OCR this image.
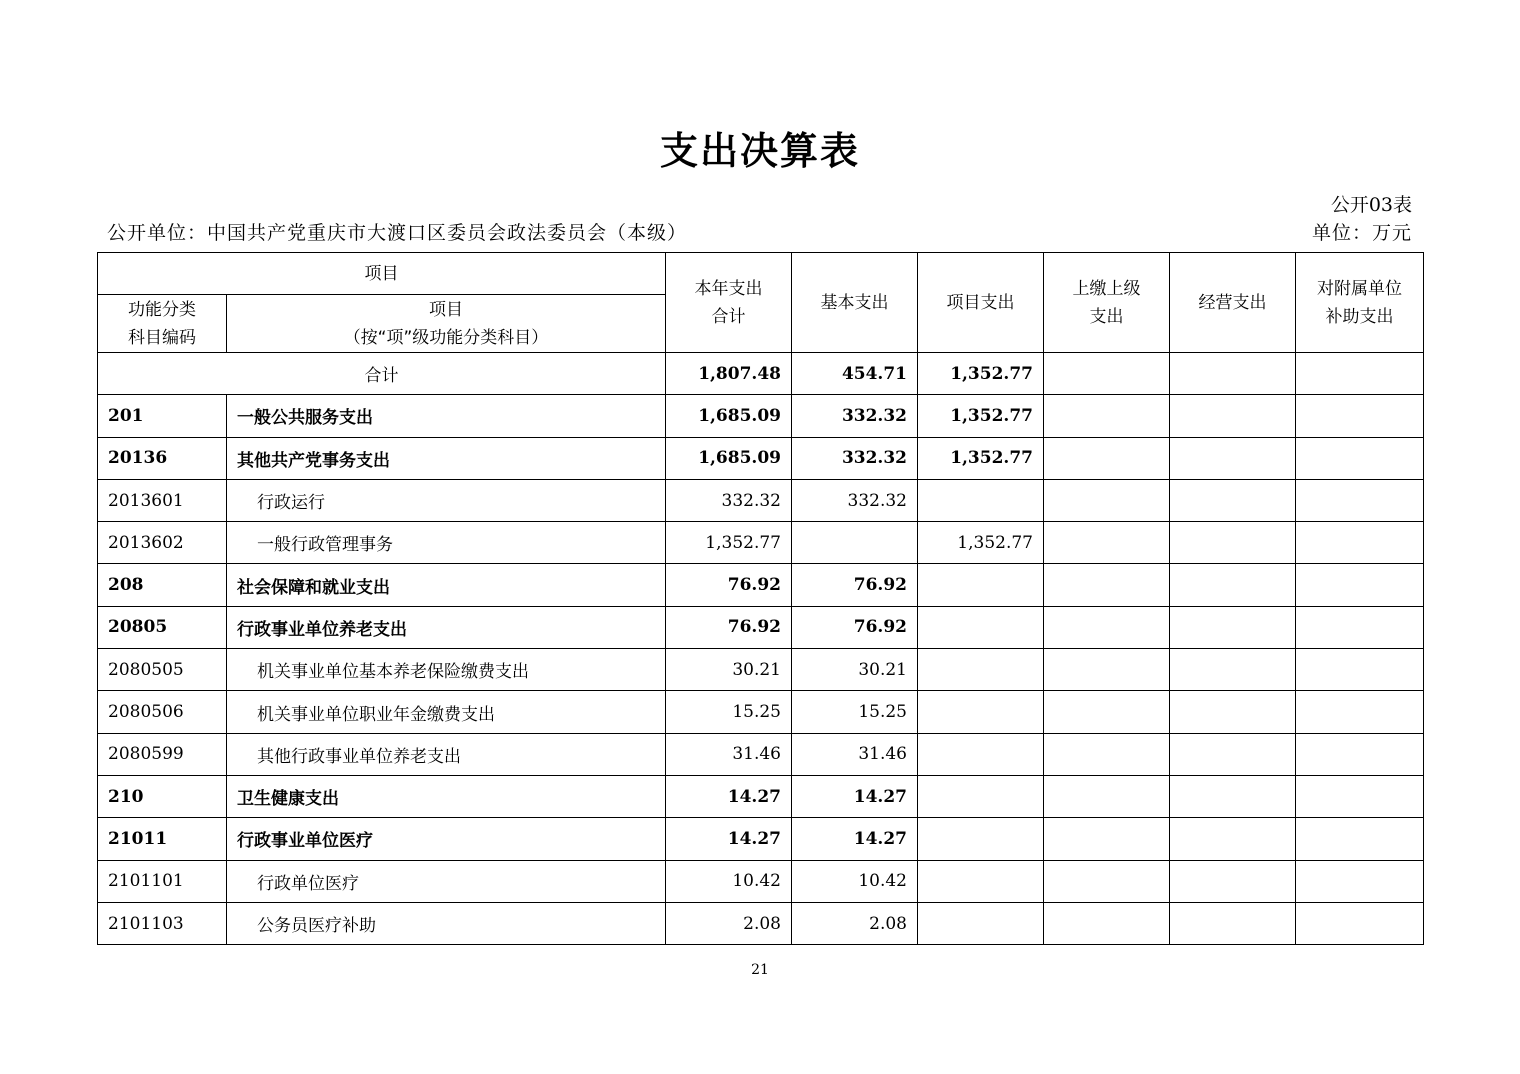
支出决算表
公开03表
公开单位：中国共产党重庆市大渡口区委员会政法委员会（本级）	单位：万元
项目		本年支出合计	基本支出	项目支出	上缴上级支出	经营支出	对附属单位补助支出
功能分类科目编码	项目
（按“项”级功能分类科目）						

合计		1,807.48	454.71	1,352.77			
201	一般公共服务支出	1,685.09	332.32	1,352.77			
20136	其他共产党事务支出	1,685.09	332.32	1,352.77			
2013601	行政运行	332.32	332.32				
2013602	一般行政管理事务	1,352.77		1,352.77			
208	社会保障和就业支出	76.92	76.92				
20805	行政事业单位养老支出	76.92	76.92				
2080505	机关事业单位基本养老保险缴费支出	30.21	30.21				
2080506	机关事业单位职业年金缴费支出	15.25	15.25				
2080599	其他行政事业单位养老支出	31.46	31.46				
210	卫生健康支出	14.27	14.27				
21011	行政事业单位医疗	14.27	14.27				
2101101	行政单位医疗	10.42	10.42				
2101103	公务员医疗补助	2.08	2.08				
21
